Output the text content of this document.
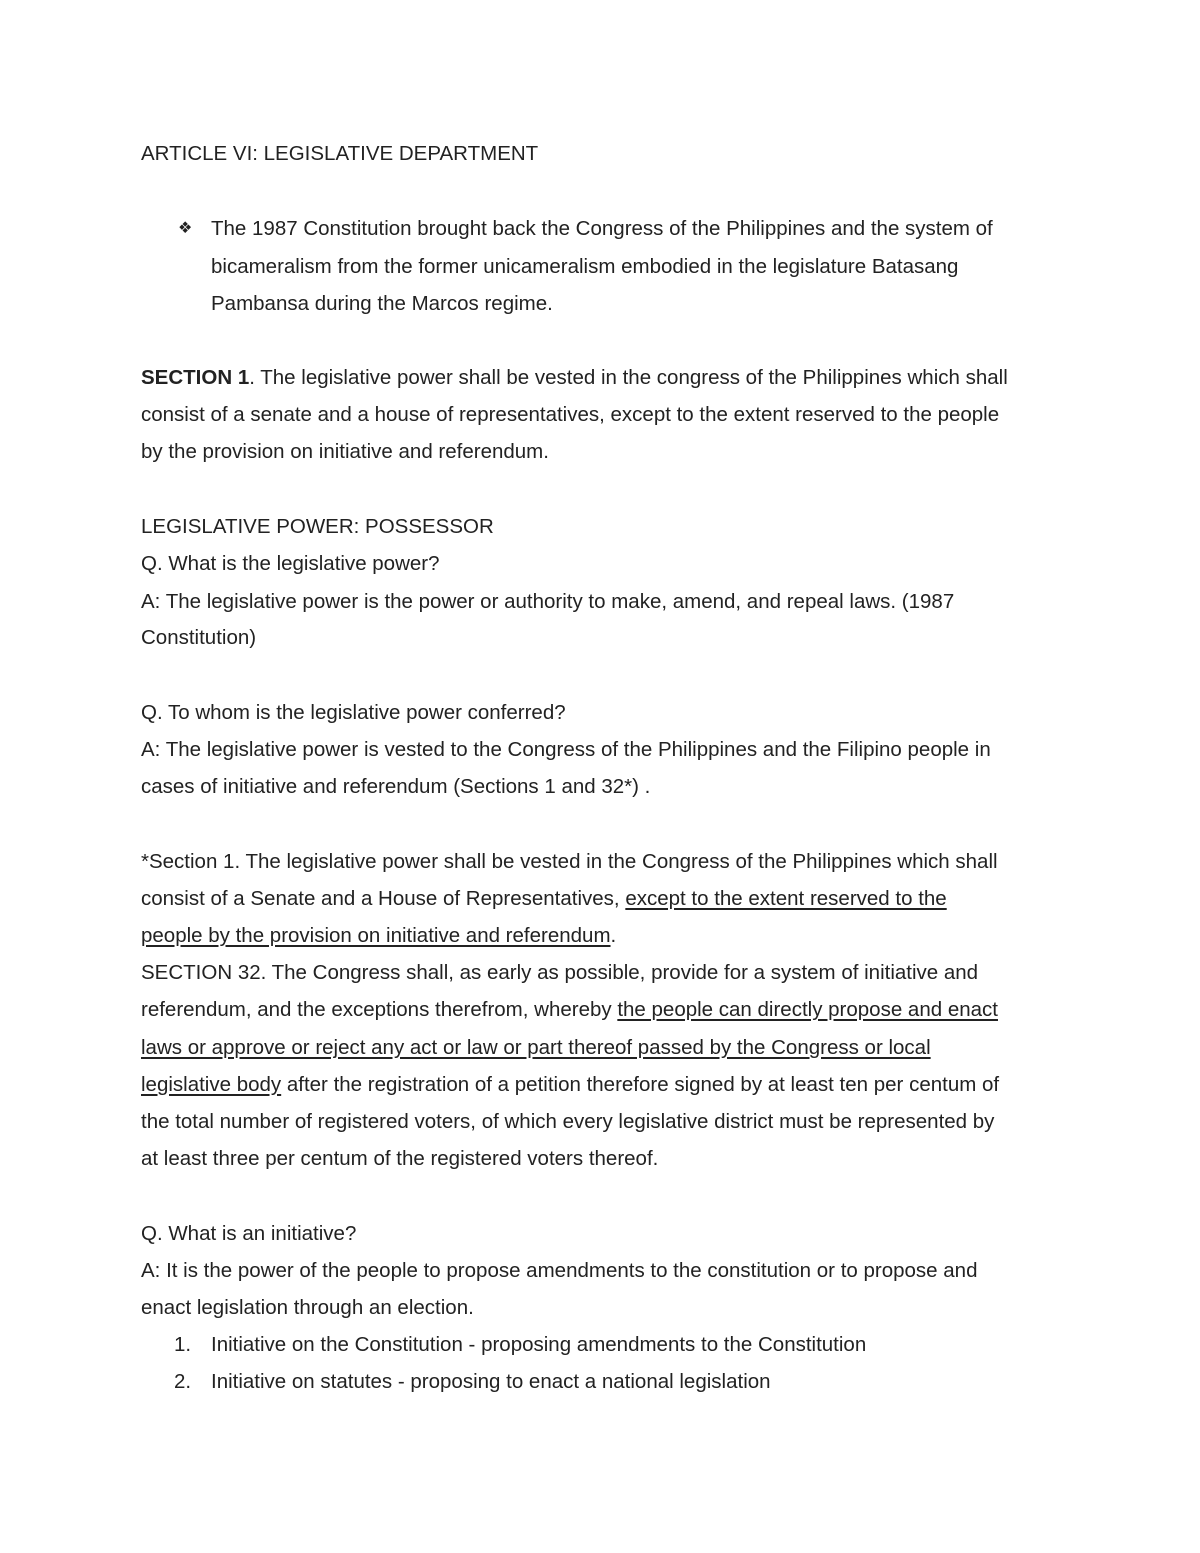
ARTICLE VI: LEGISLATIVE DEPARTMENT
❖ The 1987 Constitution brought back the Congress of the Philippines and the system of
bicameralism from the former unicameralism embodied in the legislature Batasang
Pambansa during the Marcos regime.
SECTION 1. The legislative power shall be vested in the congress of the Philippines which shall
consist of a senate and a house of representatives, except to the extent reserved to the people
by the provision on initiative and referendum.
LEGISLATIVE POWER: POSSESSOR
Q. What is the legislative power?
A: The legislative power is the power or authority to make, amend, and repeal laws. (1987
Constitution)
Q. To whom is the legislative power conferred?
A: The legislative power is vested to the Congress of the Philippines and the Filipino people in
cases of initiative and referendum (Sections 1 and 32*) .
*Section 1. The legislative power shall be vested in the Congress of the Philippines which shall
consist of a Senate and a House of Representatives, except to the extent reserved to the
people by the provision on initiative and referendum.
SECTION 32. The Congress shall, as early as possible, provide for a system of initiative and
referendum, and the exceptions therefrom, whereby the people can directly propose and enact
laws or approve or reject any act or law or part thereof passed by the Congress or local
legislative body after the registration of a petition therefore signed by at least ten per centum of
the total number of registered voters, of which every legislative district must be represented by
at least three per centum of the registered voters thereof.
Q. What is an initiative?
A: It is the power of the people to propose amendments to the constitution or to propose and
enact legislation through an election.
1. Initiative on the Constitution - proposing amendments to the Constitution
2. Initiative on statutes - proposing to enact a national legislation
